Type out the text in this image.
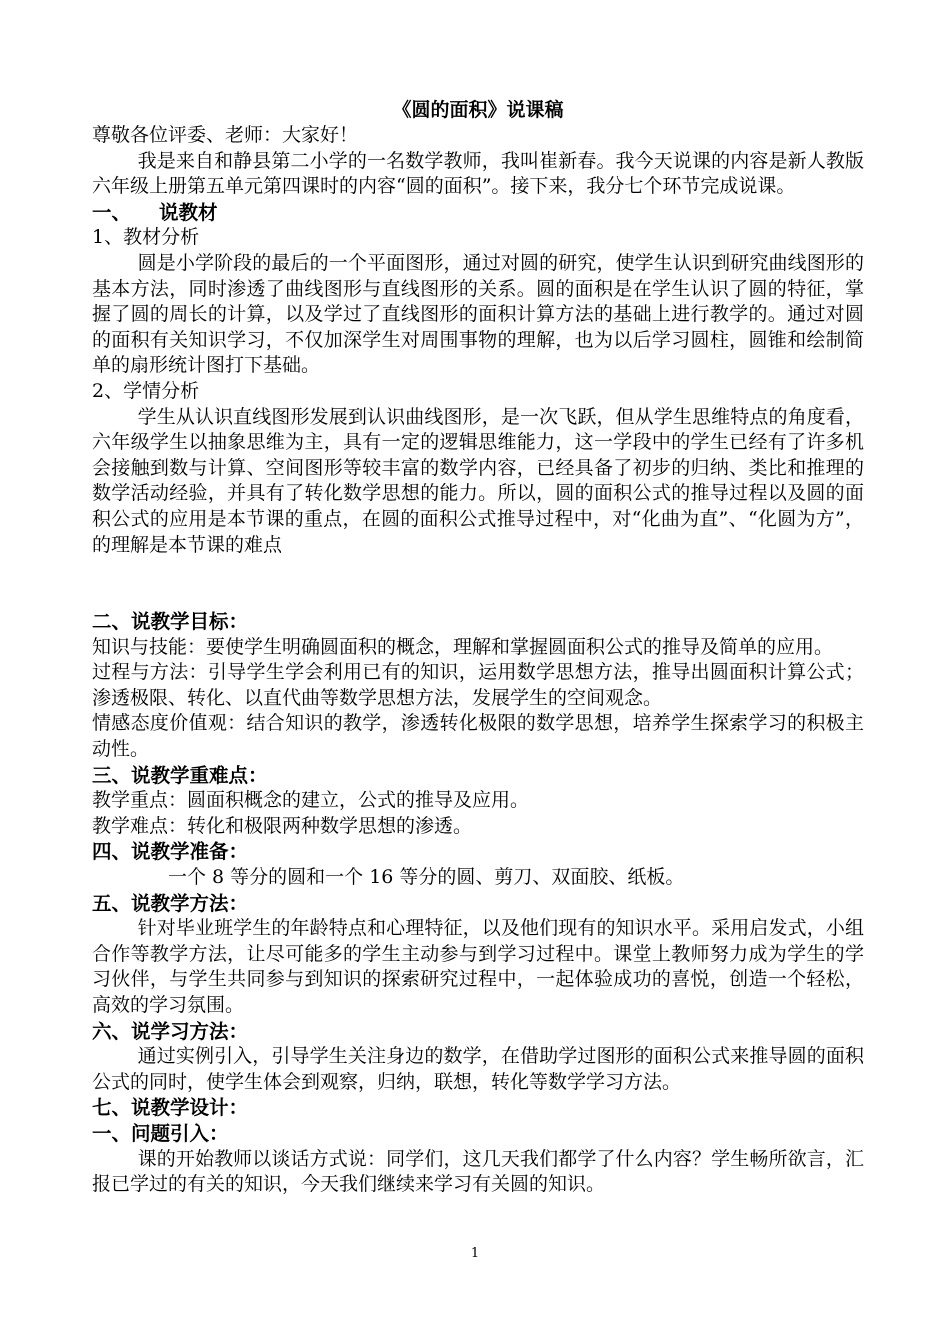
《圆的面积》说课稿

尊敬各位评委、老师：大家好！

我是来自和静县第二小学的一名数学教师，我叫崔新春。我今天说课的内容是新人教版六年级上册第五单元第四课时的内容“圆的面积”。接下来，我分七个环节完成说课。

一、 说教材

1、教材分析

圆是小学阶段的最后的一个平面图形，通过对圆的研究，使学生认识到研究曲线图形的基本方法，同时渗透了曲线图形与直线图形的关系。圆的面积是在学生认识了圆的特征，掌握了圆的周长的计算，以及学过了直线图形的面积计算方法的基础上进行教学的。通过对圆的面积有关知识学习，不仅加深学生对周围事物的理解，也为以后学习圆柱，圆锥和绘制简单的扇形统计图打下基础。

2、学情分析

学生从认识直线图形发展到认识曲线图形，是一次飞跃，但从学生思维特点的角度看，六年级学生以抽象思维为主，具有一定的逻辑思维能力，这一学段中的学生已经有了许多机会接触到数与计算、空间图形等较丰富的数学内容，已经具备了初步的归纳、类比和推理的数学活动经验，并具有了转化数学思想的能力。所以，圆的面积公式的推导过程以及圆的面积公式的应用是本节课的重点，在圆的面积公式推导过程中，对“化曲为直”、“化圆为方”，的理解是本节课的难点

二、说教学目标：

知识与技能：要使学生明确圆面积的概念，理解和掌握圆面积公式的推导及简单的应用。

过程与方法：引导学生学会利用已有的知识，运用数学思想方法，推导出圆面积计算公式；渗透极限、转化、以直代曲等数学思想方法，发展学生的空间观念。

情感态度价值观：结合知识的教学，渗透转化极限的数学思想，培养学生探索学习的积极主动性。

三、说教学重难点：

教学重点：圆面积概念的建立，公式的推导及应用。

教学难点：转化和极限两种数学思想的渗透。

四、说教学准备：

一个 8 等分的圆和一个 16 等分的圆、剪刀、双面胶、纸板。

五、说教学方法：

针对毕业班学生的年龄特点和心理特征，以及他们现有的知识水平。采用启发式，小组合作等教学方法，让尽可能多的学生主动参与到学习过程中。课堂上教师努力成为学生的学习伙伴，与学生共同参与到知识的探索研究过程中，一起体验成功的喜悦，创造一个轻松，高效的学习氛围。

六、说学习方法：

通过实例引入，引导学生关注身边的数学，在借助学过图形的面积公式来推导圆的面积公式的同时，使学生体会到观察，归纳，联想，转化等数学学习方法。

七、说教学设计：

一、问题引入：

课的开始教师以谈话方式说：同学们，这几天我们都学了什么内容？学生畅所欲言，汇报已学过的有关的知识，今天我们继续来学习有关圆的知识。

1
